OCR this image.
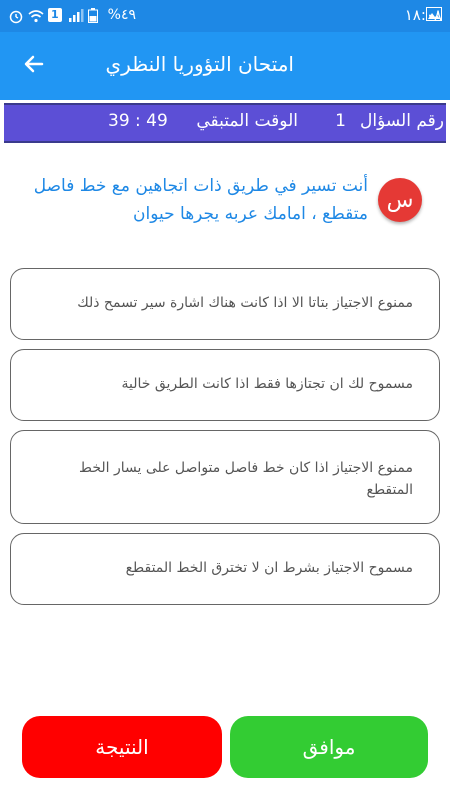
1	%٤٩	١٨:٠٨
امتحان التؤوريا النظري
رقم السؤال
1
الوقت المتبقي
39 : 49
س
أنت تسير في طريق ذات اتجاهين مع خط فاصل متقطع ، امامك عربه يجرها حيوان
ممنوع الاجتياز بتاتا الا اذا كانت هناك اشارة سير تسمح ذلك
مسموح لك ان تجتازها فقط اذا كانت الطريق خالية
ممنوع الاجتياز اذا كان خط فاصل متواصل على يسار الخط المتقطع
مسموح الاجتياز بشرط ان لا تخترق الخط المتقطع
النتيجة	موافق
